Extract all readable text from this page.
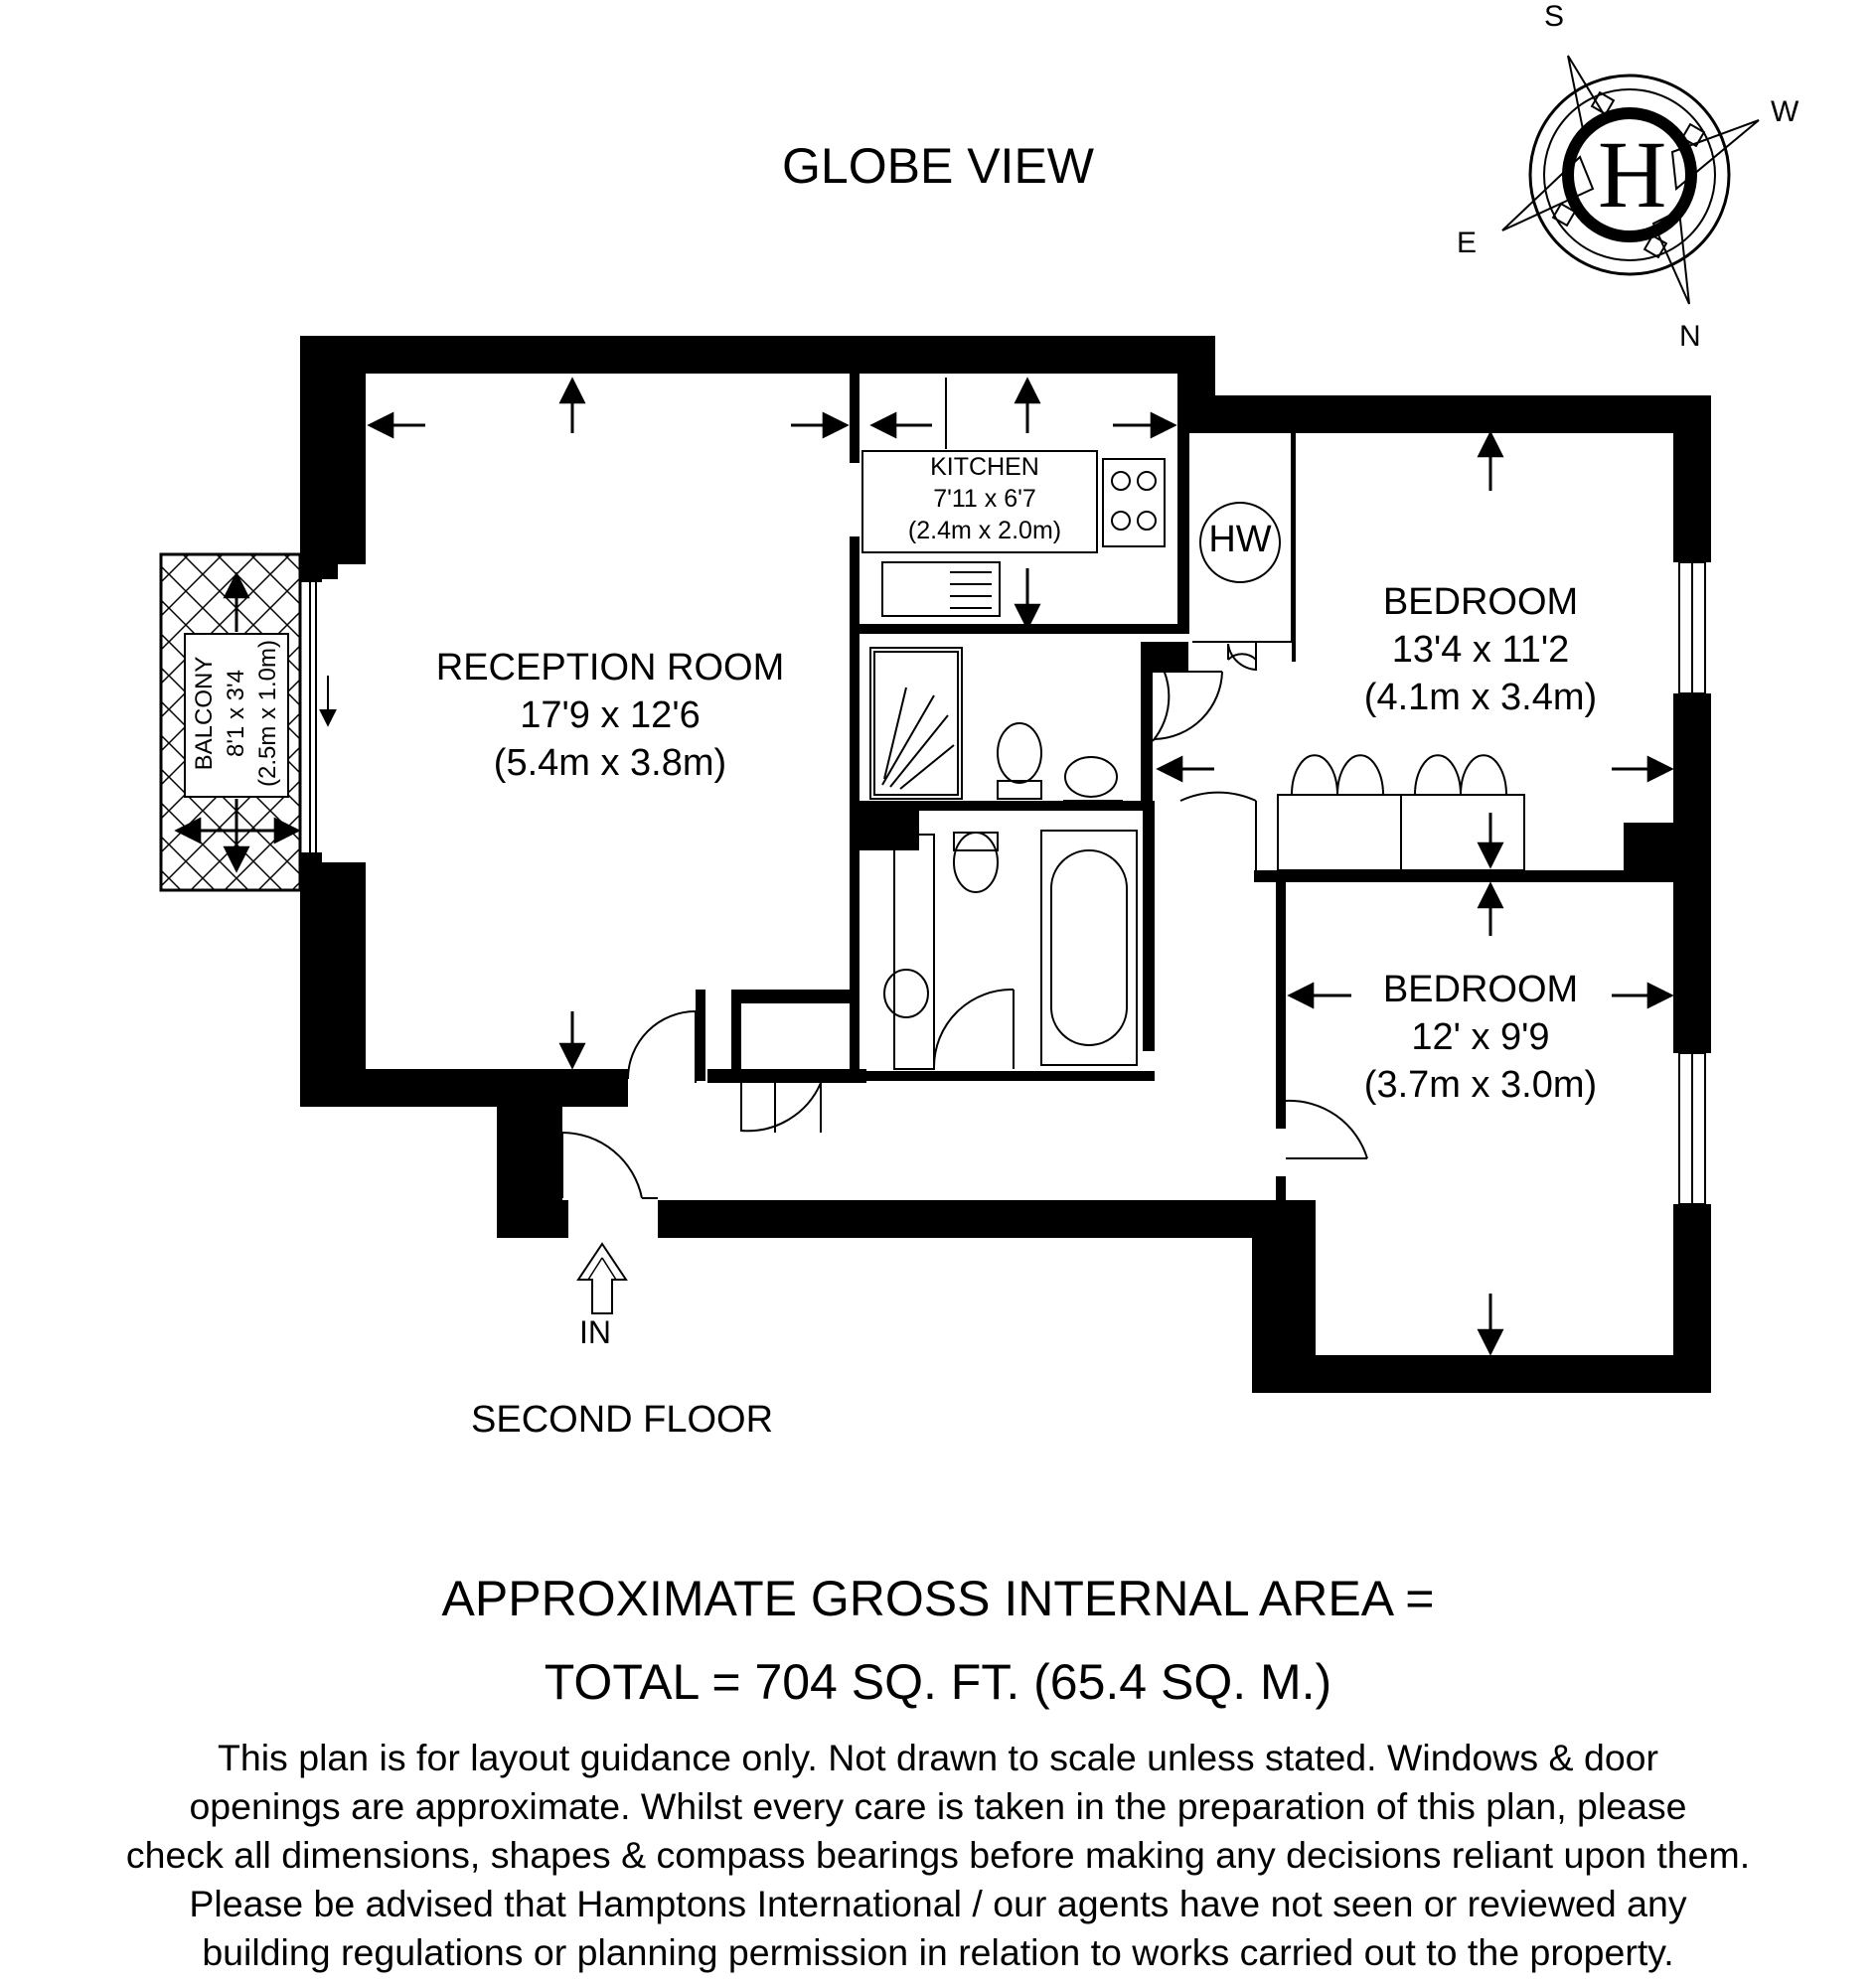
GLOBE VIEW
S
W
E
N
H
RECEPTION ROOM
17'9 x 12'6
(5.4m x 3.8m)
KITCHEN
7'11 x 6'7
(2.4m x 2.0m)	HW
BEDROOM
13'4 x 11'2
(4.1m x 3.4m)
BEDROOM
12' x 9'9
(3.7m x 3.0m)
BALCONY 8'1 x 3'4 (2.5m x 1.0m)
IN
SECOND FLOOR
APPROXIMATE GROSS INTERNAL AREA =
TOTAL = 704 SQ. FT. (65.4 SQ. M.)
This plan is for layout guidance only. Not drawn to scale unless stated. Windows & door
openings are approximate. Whilst every care is taken in the preparation of this plan, please
check all dimensions, shapes & compass bearings before making any decisions reliant upon them.
Please be advised that Hamptons International / our agents have not seen or reviewed any
building regulations or planning permission in relation to works carried out to the property.
